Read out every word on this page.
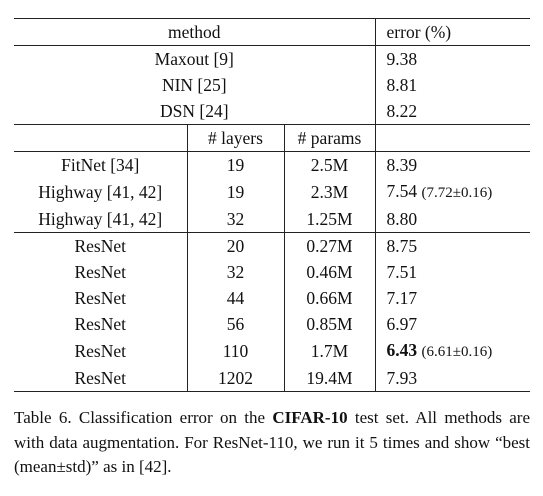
method			error (%)
Maxout [9]			9.38
NIN [25]			8.81
DSN [24]			8.22
	# layers	# params	
FitNet [34]	19	2.5M	8.39
Highway [41, 42]	19	2.3M	7.54 (7.72±0.16)
Highway [41, 42]	32	1.25M	8.80
ResNet	20	0.27M	8.75
ResNet	32	0.46M	7.51
ResNet	44	0.66M	7.17
ResNet	56	0.85M	6.97
ResNet	110	1.7M	6.43 (6.61±0.16)
ResNet	1202	19.4M	7.93
Table 6. Classification error on the CIFAR-10 test set. All methods are with data augmentation. For ResNet-110, we run it 5 times and show “best (mean±std)” as in [42].
